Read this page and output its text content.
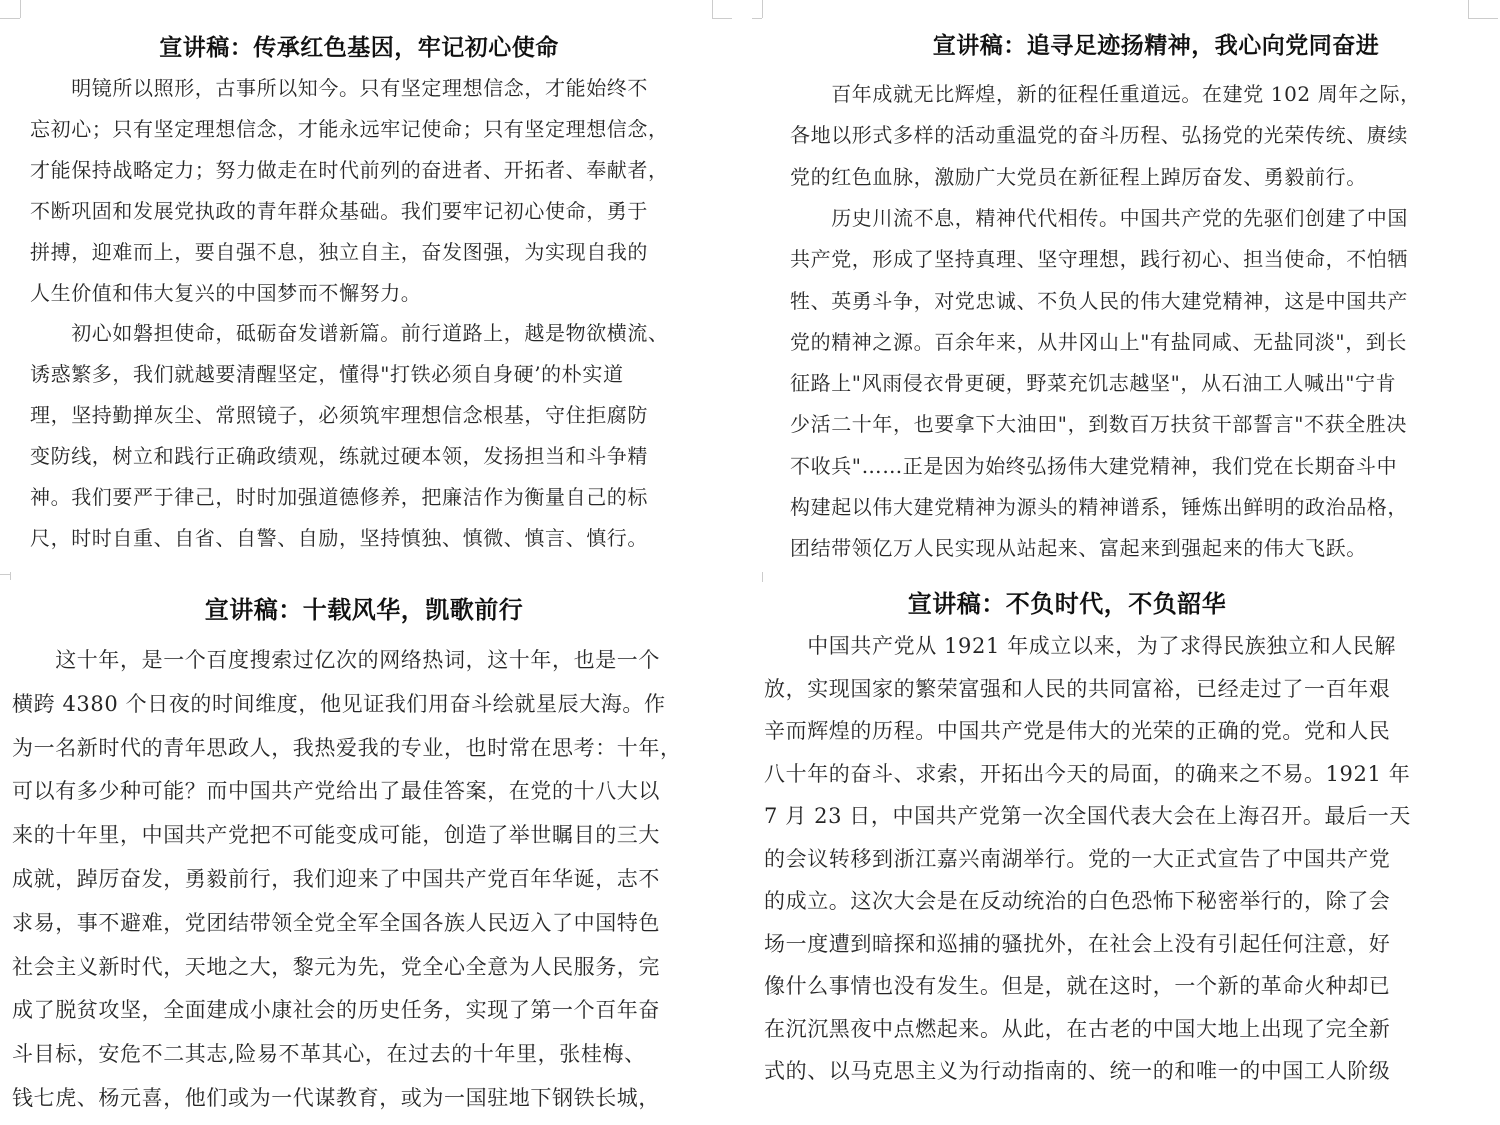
宣讲稿：传承红色基因，牢记初心使命
　　明镜所以照形，古事所以知今。只有坚定理想信念，才能始终不
忘初心；只有坚定理想信念，才能永远牢记使命；只有坚定理想信念，
才能保持战略定力；努力做走在时代前列的奋进者、开拓者、奉献者，
不断巩固和发展党执政的青年群众基础。我们要牢记初心使命，勇于
拼搏，迎难而上，要自强不息，独立自主，奋发图强，为实现自我的
人生价值和伟大复兴的中国梦而不懈努力。
　　初心如磐担使命，砥砺奋发谱新篇。前行道路上，越是物欲横流、
诱惑繁多，我们就越要清醒坚定，懂得"打铁必须自身硬’的朴实道
理，坚持勤掸灰尘、常照镜子，必须筑牢理想信念根基，守住拒腐防
变防线，树立和践行正确政绩观，练就过硬本领，发扬担当和斗争精
神。我们要严于律己，时时加强道德修养，把廉洁作为衡量自己的标
尺，时时自重、自省、自警、自励，坚持慎独、慎微、慎言、慎行。
宣讲稿：追寻足迹扬精神，我心向党同奋进
　　百年成就无比辉煌，新的征程任重道远。在建党 102 周年之际，
各地以形式多样的活动重温党的奋斗历程、弘扬党的光荣传统、赓续
党的红色血脉，激励广大党员在新征程上踔厉奋发、勇毅前行。
　　历史川流不息，精神代代相传。中国共产党的先驱们创建了中国
共产党，形成了坚持真理、坚守理想，践行初心、担当使命，不怕牺
牲、英勇斗争，对党忠诚、不负人民的伟大建党精神，这是中国共产
党的精神之源。百余年来，从井冈山上"有盐同咸、无盐同淡"，到长
征路上"风雨侵衣骨更硬，野菜充饥志越坚"，从石油工人喊出"宁肯
少活二十年，也要拿下大油田"，到数百万扶贫干部誓言"不获全胜决
不收兵"……正是因为始终弘扬伟大建党精神，我们党在长期奋斗中
构建起以伟大建党精神为源头的精神谱系，锤炼出鲜明的政治品格，
团结带领亿万人民实现从站起来、富起来到强起来的伟大飞跃。
宣讲稿：十载风华，凯歌前行
　　这十年，是一个百度搜索过亿次的网络热词，这十年，也是一个
横跨 4380 个日夜的时间维度，他见证我们用奋斗绘就星辰大海。作
为一名新时代的青年思政人，我热爱我的专业，也时常在思考：十年，
可以有多少种可能？而中国共产党给出了最佳答案，在党的十八大以
来的十年里，中国共产党把不可能变成可能，创造了举世瞩目的三大
成就，踔厉奋发，勇毅前行，我们迎来了中国共产党百年华诞，志不
求易，事不避难，党团结带领全党全军全国各族人民迈入了中国特色
社会主义新时代，天地之大，黎元为先，党全心全意为人民服务，完
成了脱贫攻坚，全面建成小康社会的历史任务，实现了第一个百年奋
斗目标，安危不二其志,险易不革其心，在过去的十年里，张桂梅、
钱七虎、杨元喜，他们或为一代谋教育，或为一国驻地下钢铁长城，
宣讲稿：不负时代，不负韶华
　　中国共产党从 1921 年成立以来，为了求得民族独立和人民解
放，实现国家的繁荣富强和人民的共同富裕，已经走过了一百年艰
辛而辉煌的历程。中国共产党是伟大的光荣的正确的党。党和人民
八十年的奋斗、求索，开拓出今天的局面，的确来之不易。1921 年
7 月 23 日，中国共产党第一次全国代表大会在上海召开。最后一天
的会议转移到浙江嘉兴南湖举行。党的一大正式宣告了中国共产党
的成立。这次大会是在反动统治的白色恐怖下秘密举行的，除了会
场一度遭到暗探和巡捕的骚扰外，在社会上没有引起任何注意，好
像什么事情也没有发生。但是，就在这时，一个新的革命火种却已
在沉沉黑夜中点燃起来。从此，在古老的中国大地上出现了完全新
式的、以马克思主义为行动指南的、统一的和唯一的中国工人阶级
